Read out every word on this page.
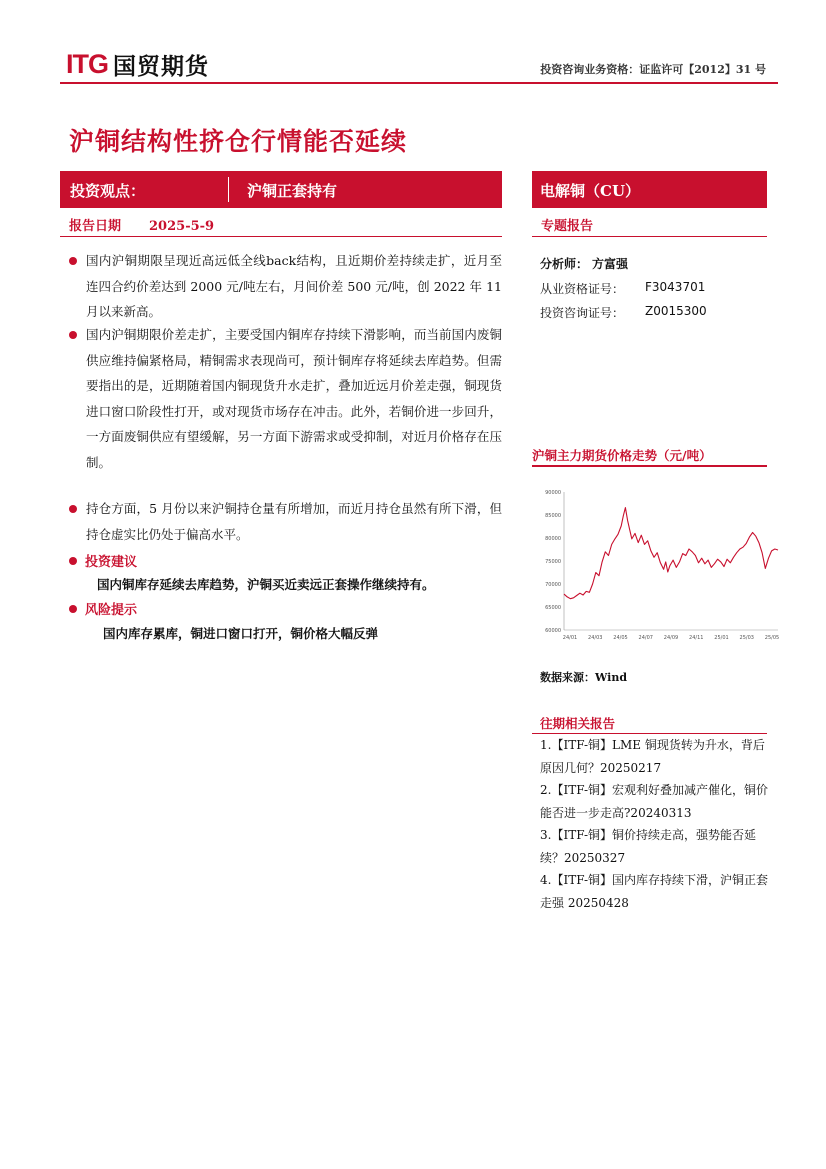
ITG 国贸期货	投资咨询业务资格：证监许可【2012】31 号
沪铜结构性挤仓行情能否延续
投资观点：	沪铜正套持有	电解铜（CU）
报告日期 2025-5-9	专题报告
国内沪铜期限呈现近高远低全线back结构，且近期价差持续走扩，近月至连四合约价差达到 2000 元/吨左右，月间价差 500 元/吨，创 2022 年 11 月以来新高。
国内沪铜期限价差走扩，主要受国内铜库存持续下滑影响，而当前国内废铜供应维持偏紧格局，精铜需求表现尚可，预计铜库存将延续去库趋势。但需要指出的是，近期随着国内铜现货升水走扩，叠加近远月价差走强，铜现货进口窗口阶段性打开，或对现货市场存在冲击。此外，若铜价进一步回升，一方面废铜供应有望缓解，另一方面下游需求或受抑制，对近月价格存在压制。
持仓方面，5 月份以来沪铜持仓量有所增加，而近月持仓虽然有所下滑，但持仓虚实比仍处于偏高水平。
投资建议
国内铜库存延续去库趋势，沪铜买近卖远正套操作继续持有。
风险提示
国内库存累库，铜进口窗口打开，铜价格大幅反弹
分析师： 方富强
从业资格证号： F3043701
投资咨询证号： Z0015300
沪铜主力期货价格走势（元/吨）
60000
65000
70000
75000
80000
85000
90000
24/01 24/03 24/05 24/07 24/09 24/11 25/01 25/03 25/05
数据来源：Wind
往期相关报告

1.【ITF-铜】LME 铜现货转为升水，背后原因几何？20250217

2.【ITF-铜】宏观利好叠加减产催化，铜价能否进一步走高?20240313

3.【ITF-铜】铜价持续走高，强势能否延续？20250327

4.【ITF-铜】国内库存持续下滑，沪铜正套走强 20250428
